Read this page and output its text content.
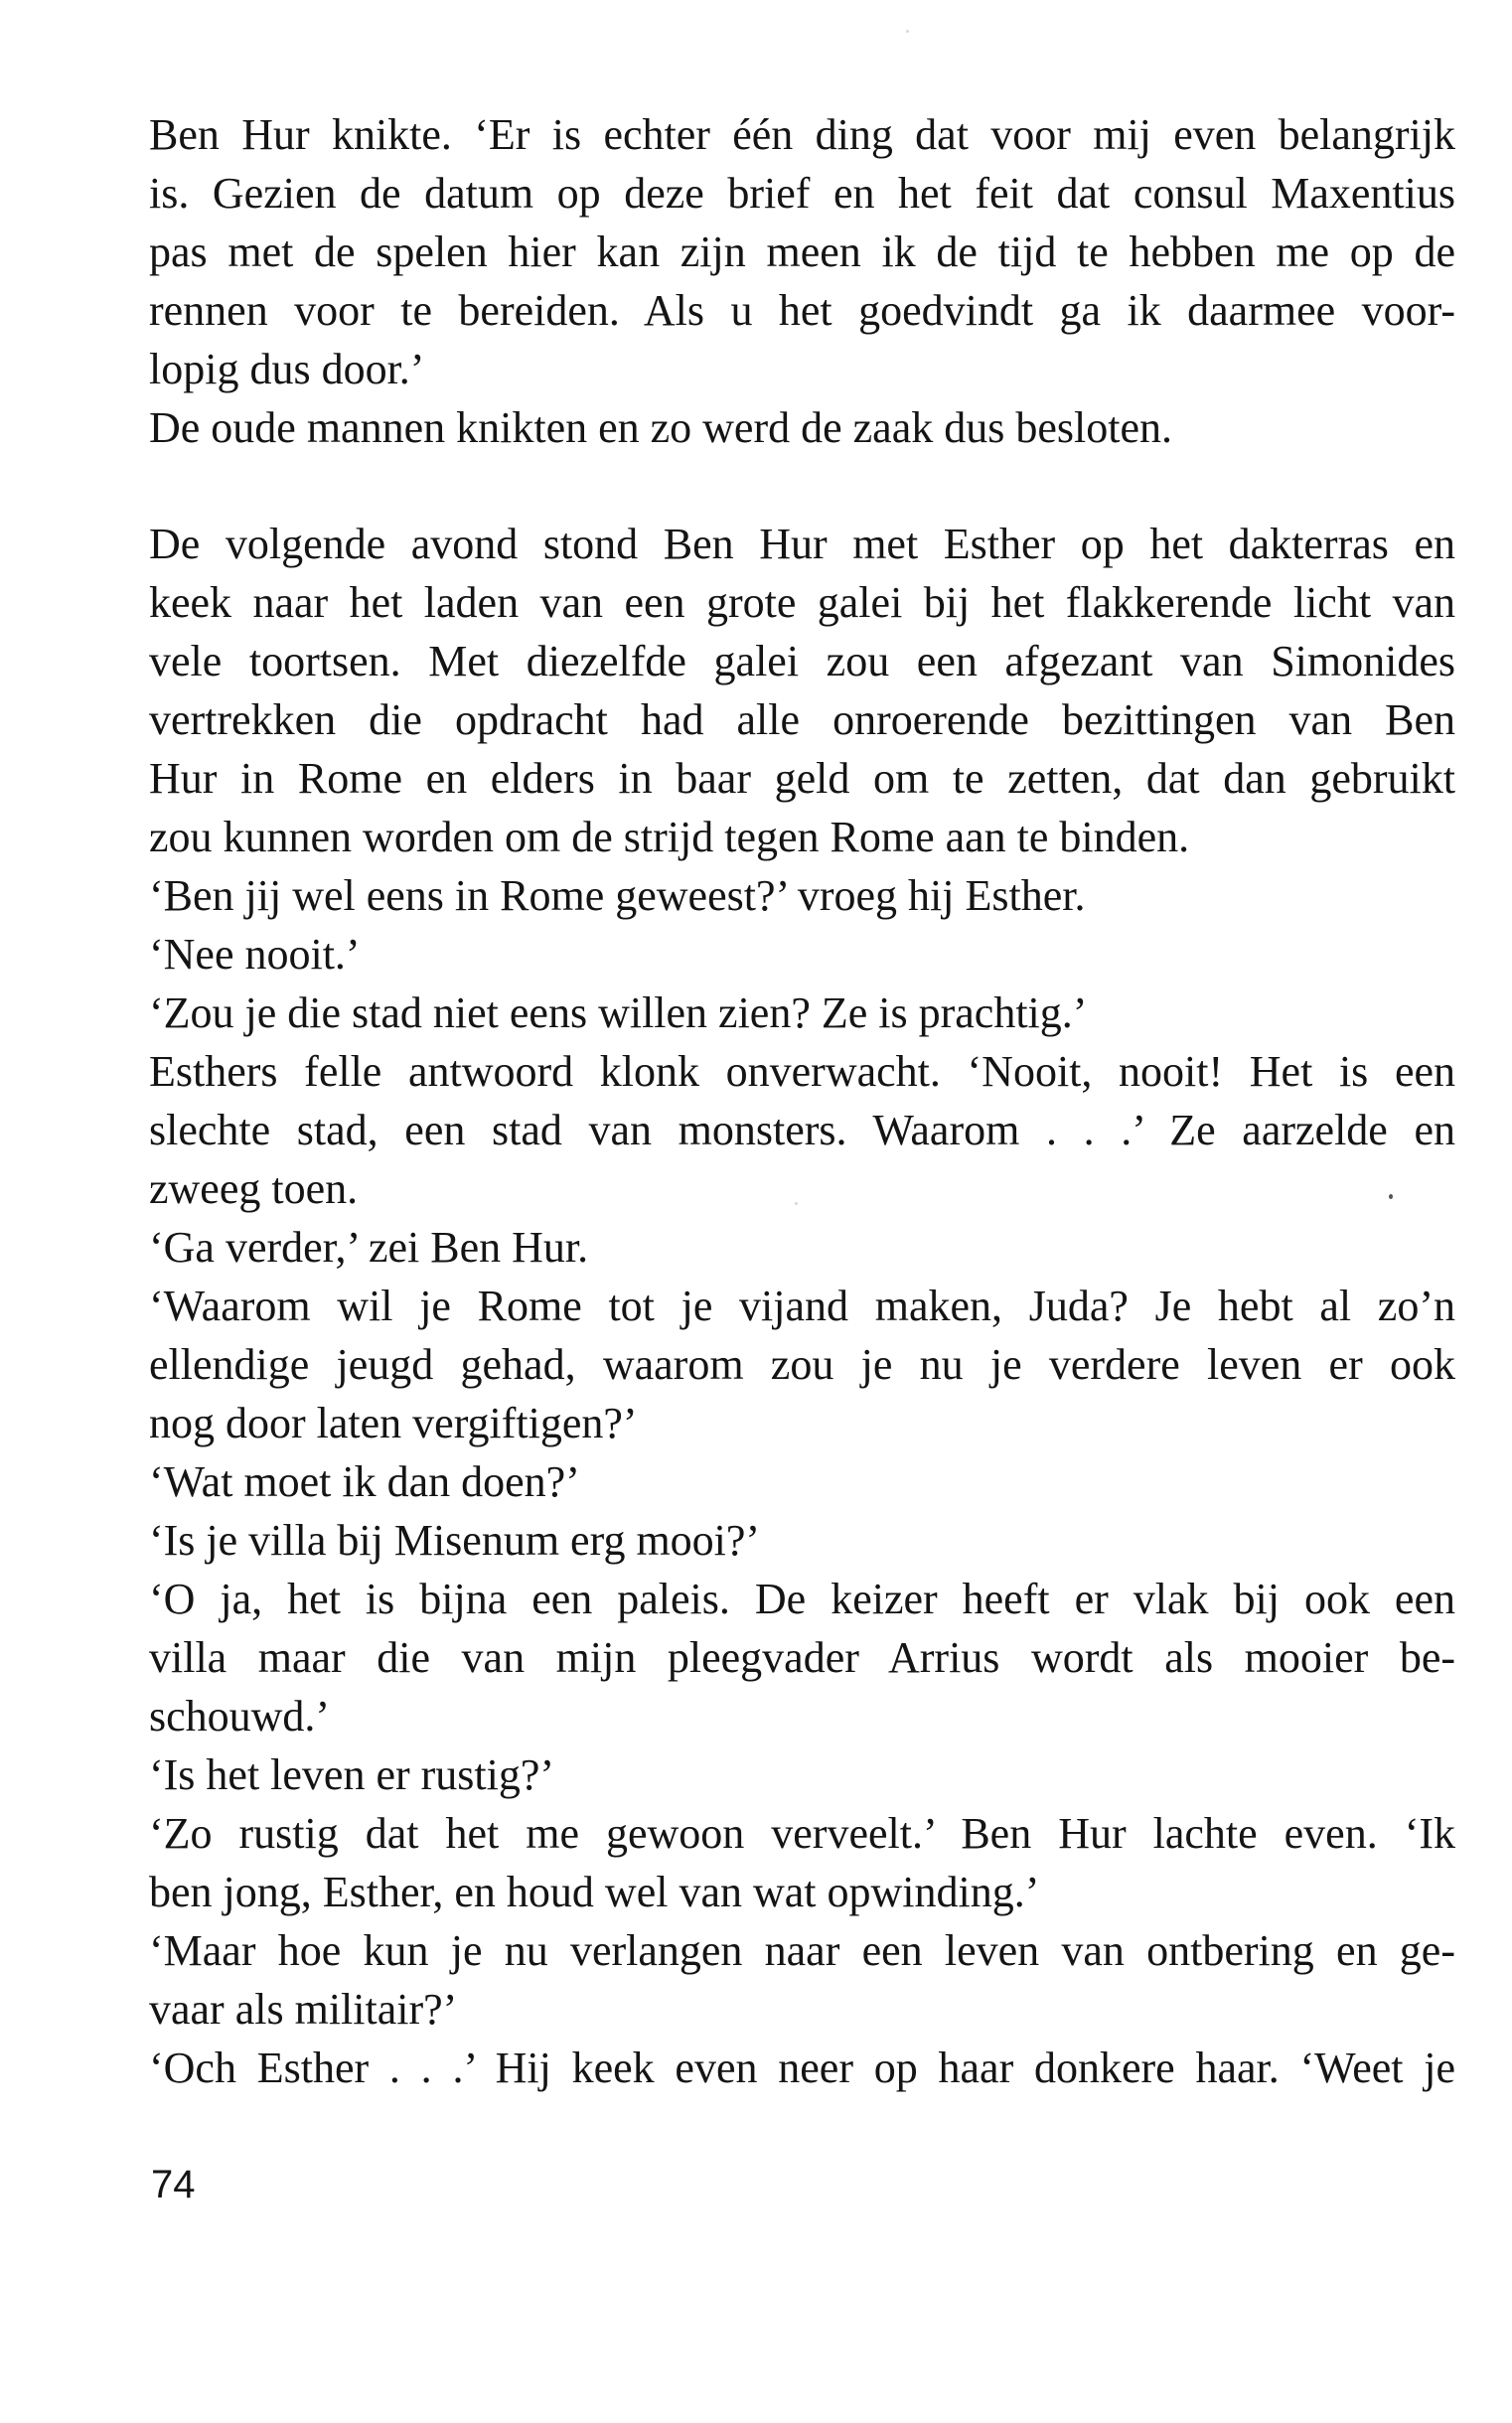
Ben Hur knikte. ‘Er is echter één ding dat voor mij even belangrijk
is. Gezien de datum op deze brief en het feit dat consul Maxentius
pas met de spelen hier kan zijn meen ik de tijd te hebben me op de
rennen voor te bereiden. Als u het goedvindt ga ik daarmee voor-
lopig dus door.’
De oude mannen knikten en zo werd de zaak dus besloten.
De volgende avond stond Ben Hur met Esther op het dakterras en
keek naar het laden van een grote galei bij het flakkerende licht van
vele toortsen. Met diezelfde galei zou een afgezant van Simonides
vertrekken die opdracht had alle onroerende bezittingen van Ben
Hur in Rome en elders in baar geld om te zetten, dat dan gebruikt
zou kunnen worden om de strijd tegen Rome aan te binden.
‘Ben jij wel eens in Rome geweest?’ vroeg hij Esther.
‘Nee nooit.’
‘Zou je die stad niet eens willen zien? Ze is prachtig.’
Esthers felle antwoord klonk onverwacht. ‘Nooit, nooit! Het is een
slechte stad, een stad van monsters. Waarom . . .’ Ze aarzelde en
zweeg toen.
‘Ga verder,’ zei Ben Hur.
‘Waarom wil je Rome tot je vijand maken, Juda? Je hebt al zo’n
ellendige jeugd gehad, waarom zou je nu je verdere leven er ook
nog door laten vergiftigen?’
‘Wat moet ik dan doen?’
‘Is je villa bij Misenum erg mooi?’
‘O ja, het is bijna een paleis. De keizer heeft er vlak bij ook een
villa maar die van mijn pleegvader Arrius wordt als mooier be-
schouwd.’
‘Is het leven er rustig?’
‘Zo rustig dat het me gewoon verveelt.’ Ben Hur lachte even. ‘Ik
ben jong, Esther, en houd wel van wat opwinding.’
‘Maar hoe kun je nu verlangen naar een leven van ontbering en ge-
vaar als militair?’
‘Och Esther . . .’ Hij keek even neer op haar donkere haar. ‘Weet je
74
